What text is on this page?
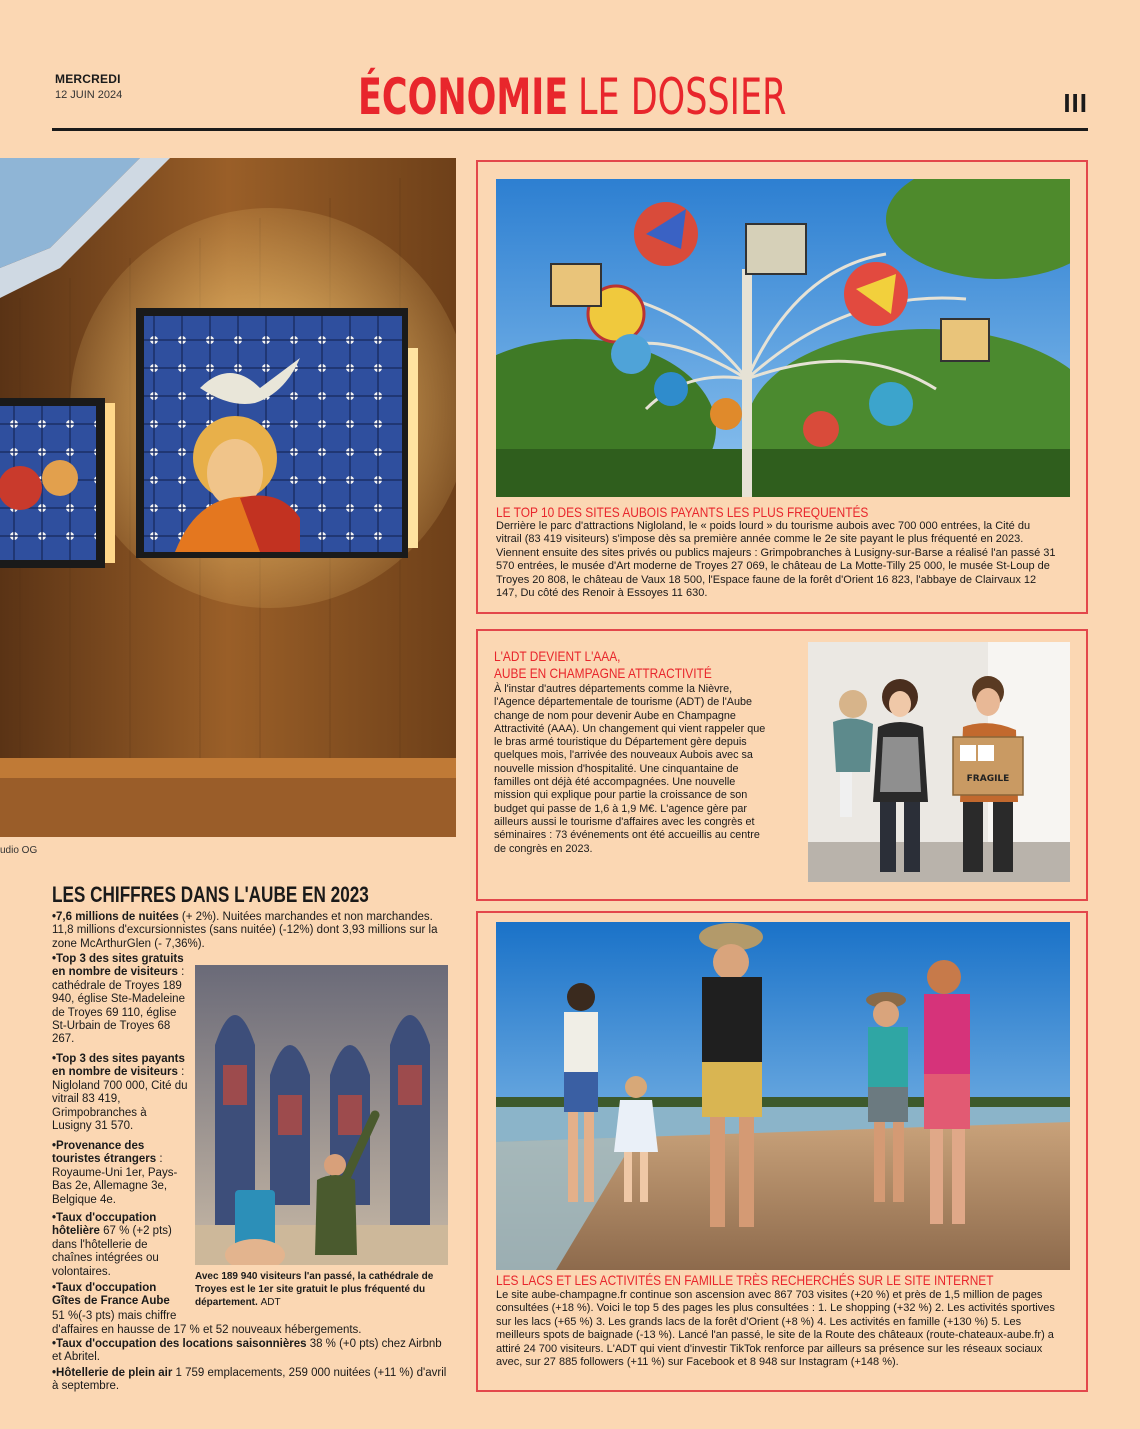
MERCREDI
12 JUIN 2024	ÉCONOMIE LE DOSSIER	III
udio OG
LE TOP 10 DES SITES AUBOIS PAYANTS LES PLUS FREQUENTÉS
Derrière le parc d'attractions Nigloland, le « poids lourd » du tourisme aubois avec 700 000 entrées, la Cité du vitrail (83 419 visiteurs) s'impose dès sa première année comme le 2e site payant le plus fréquenté en 2023. Viennent ensuite des sites privés ou publics majeurs : Grimpobranches à Lusigny-sur-Barse a réalisé l'an passé 31 570 entrées, le musée d'Art moderne de Troyes 27 069, le château de La Motte-Tilly 25 000, le musée St-Loup de Troyes 20 808, le château de Vaux 18 500, l'Espace faune de la forêt d'Orient 16 823, l'abbaye de Clairvaux 12 147, Du côté des Renoir à Essoyes 11 630.
L'ADT DEVIENT L'AAA,
AUBE EN CHAMPAGNE ATTRACTIVITÉ
À l'instar d'autres départements comme la Nièvre, l'Agence départementale de tourisme (ADT) de l'Aube change de nom pour devenir Aube en Champagne Attractivité (AAA). Un changement qui vient rappeler que le bras armé touristique du Département gère depuis quelques mois, l'arrivée des nouveaux Aubois avec sa nouvelle mission d'hospitalité. Une cinquantaine de familles ont déjà été accompagnées. Une nouvelle mission qui explique pour partie la croissance de son budget qui passe de 1,6 à 1,9 M€. L'agence gère par ailleurs aussi le tourisme d'affaires avec les congrès et séminaires : 73 événements ont été accueillis au centre de congrès en 2023.
FRAGILE
LES LACS ET LES ACTIVITÉS EN FAMILLE TRÈS RECHERCHÉS SUR LE SITE INTERNET
Le site aube-champagne.fr continue son ascension avec 867 703 visites (+20 %) et près de 1,5 million de pages consultées (+18 %). Voici le top 5 des pages les plus consultées : 1. Le shopping (+32 %) 2. Les activités sportives sur les lacs (+65 %) 3. Les grands lacs de la forêt d'Orient (+8 %) 4. Les activités en famille (+130 %) 5. Les meilleurs spots de baignade (-13 %). Lancé l'an passé, le site de la Route des châteaux (route-chateaux-aube.fr) a attiré 24 700 visiteurs. L'ADT qui vient d'investir TikTok renforce par ailleurs sa présence sur les réseaux sociaux avec, sur 27 885 followers (+11 %) sur Facebook et 8 948 sur Instagram (+148 %).
LES CHIFFRES DANS L'AUBE EN 2023
•7,6 millions de nuitées (+ 2%). Nuitées marchandes et non marchandes. 11,8 millions d'excursionnistes (sans nuitée) (-12%) dont 3,93 millions sur la zone McArthurGlen (- 7,36%).
•Top 3 des sites gratuits en nombre de visiteurs : cathédrale de Troyes 189 940, église Ste-Madeleine de Troyes 69 110, église St-Urbain de Troyes 68 267.
•Top 3 des sites payants en nombre de visiteurs : Nigloland 700 000, Cité du vitrail 83 419, Grimpobranches à Lusigny 31 570.
•Provenance des touristes étrangers : Royaume-Uni 1er, Pays-Bas 2e, Allemagne 3e, Belgique 4e.
•Taux d'occupation hôtelière 67 % (+2 pts) dans l'hôtellerie de chaînes intégrées ou volontaires.
•Taux d'occupation Gîtes de France Aube
51 %(-3 pts) mais chiffre
d'affaires en hausse de 17 % et 52 nouveaux hébergements.
•Taux d'occupation des locations saisonnières 38 % (+0 pts) chez Airbnb et Abritel.
•Hôtellerie de plein air 1 759 emplacements, 259 000 nuitées (+11 %) d'avril à septembre.
Avec 189 940 visiteurs l'an passé, la cathédrale de Troyes est le 1er site gratuit le plus fréquenté du département. ADT
